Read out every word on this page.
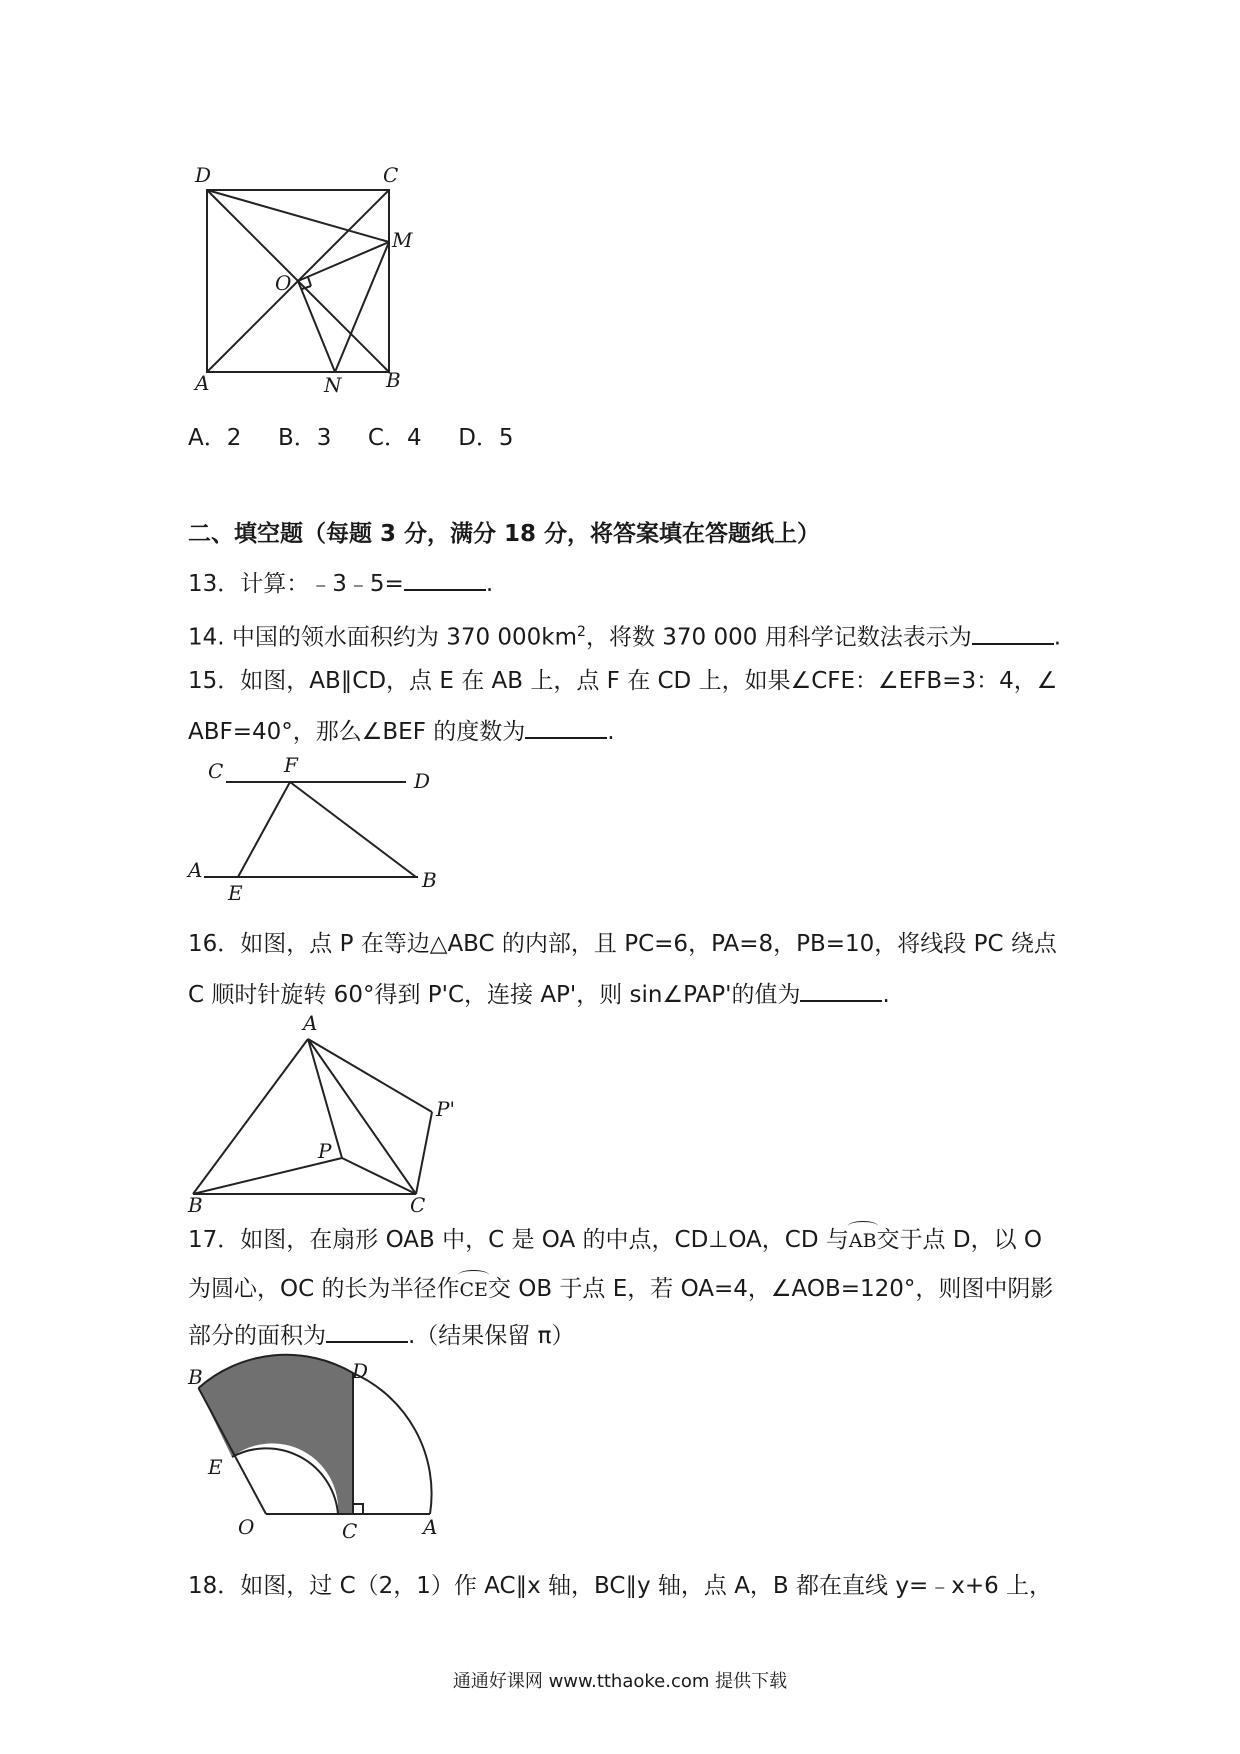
D	C
M
O
A	N B
A．2 B．3 C．4 D．5
二、填空题（每题 3 分，满分 18 分，将答案填在答题纸上）
13．计算：﹣3﹣5=	.
14. 中国的领水面积约为 370 $000km^2$，将数 370 000 用科学记数法表示为	.
15．如图，AB∥CD，点 E 在 AB 上，点 F 在 CD 上，如果∠CFE：∠EFB=3：4，∠
ABF=40°，那么∠BEF 的度数为	.
C	F
D
A
E
B
16．如图，点 P 在等边△ABC 的内部，且 PC=6，PA=8，PB=10，将线段 PC 绕点
C 顺时针旋转 60°得到 P'C，连接 AP'，则 sin∠PAP'的值为	.
A
P'
P
B	C
17．如图，在扇形 OAB 中，C 是 OA 的中点，CD⊥OA，CD 与AB交于点 D，以 O
为圆心，OC 的长为半径作CE交 OB 于点 E，若 OA=4，∠AOB=120°，则图中阴影
部分的面积为	.（结果保留 π）
B	D
E
O	C	A
18．如图，过 C（2，1）作 AC∥x 轴，BC∥y 轴，点 A，B 都在直线 y=﹣x+6 上，
通通好课网 www.tthaoke.com 提供下载
